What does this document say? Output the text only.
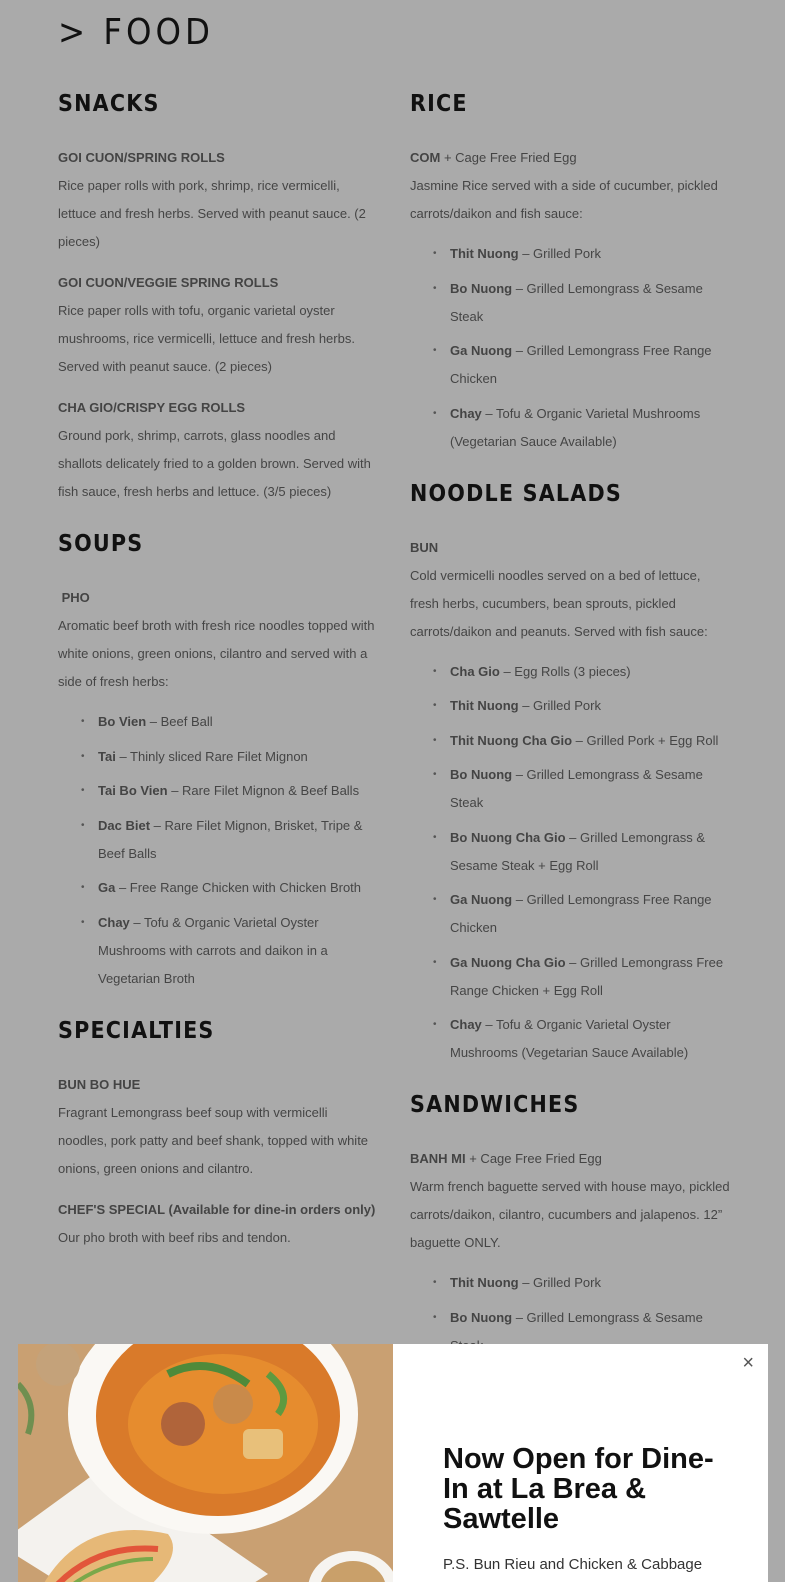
> FOOD
SNACKS
GOI CUON/SPRING ROLLS
Rice paper rolls with pork, shrimp, rice vermicelli, lettuce and fresh herbs. Served with peanut sauce. (2 pieces)
GOI CUON/VEGGIE SPRING ROLLS
Rice paper rolls with tofu, organic varietal oyster mushrooms, rice vermicelli, lettuce and fresh herbs. Served with peanut sauce. (2 pieces)
CHA GIO/CRISPY EGG ROLLS
Ground pork, shrimp, carrots, glass noodles and shallots delicately fried to a golden brown. Served with fish sauce, fresh herbs and lettuce. (3/5 pieces)
SOUPS
PHO
Aromatic beef broth with fresh rice noodles topped with white onions, green onions, cilantro and served with a side of fresh herbs:
• Bo Vien – Beef Ball
• Tai – Thinly sliced Rare Filet Mignon
• Tai Bo Vien – Rare Filet Mignon & Beef Balls
• Dac Biet – Rare Filet Mignon, Brisket, Tripe & Beef Balls
• Ga – Free Range Chicken with Chicken Broth
• Chay – Tofu & Organic Varietal Oyster Mushrooms with carrots and daikon in a Vegetarian Broth
SPECIALTIES
BUN BO HUE
Fragrant Lemongrass beef soup with vermicelli noodles, pork patty and beef shank, topped with white onions, green onions and cilantro.
CHEF'S SPECIAL (Available for dine-in orders only)
Our pho broth with beef ribs and tendon.
RICE
COM + Cage Free Fried Egg
Jasmine Rice served with a side of cucumber, pickled carrots/daikon and fish sauce:
• Thit Nuong – Grilled Pork
• Bo Nuong – Grilled Lemongrass & Sesame Steak
• Ga Nuong – Grilled Lemongrass Free Range Chicken
• Chay – Tofu & Organic Varietal Mushrooms (Vegetarian Sauce Available)
NOODLE SALADS
BUN
Cold vermicelli noodles served on a bed of lettuce, fresh herbs, cucumbers, bean sprouts, pickled carrots/daikon and peanuts. Served with fish sauce:
• Cha Gio – Egg Rolls (3 pieces)
• Thit Nuong – Grilled Pork
• Thit Nuong Cha Gio – Grilled Pork + Egg Roll
• Bo Nuong – Grilled Lemongrass & Sesame Steak
• Bo Nuong Cha Gio – Grilled Lemongrass & Sesame Steak + Egg Roll
• Ga Nuong – Grilled Lemongrass Free Range Chicken
• Ga Nuong Cha Gio – Grilled Lemongrass Free Range Chicken + Egg Roll
• Chay – Tofu & Organic Varietal Oyster Mushrooms (Vegetarian Sauce Available)
SANDWICHES
BANH MI + Cage Free Fried Egg
Warm french baguette served with house mayo, pickled carrots/daikon, cilantro, cucumbers and jalapenos. 12” baguette ONLY.
• Thit Nuong – Grilled Pork
• Bo Nuong – Grilled Lemongrass & Sesame
×
Now Open for Dine-In at La Brea & Sawtelle
P.S. Bun Rieu and Chicken & Cabbage
